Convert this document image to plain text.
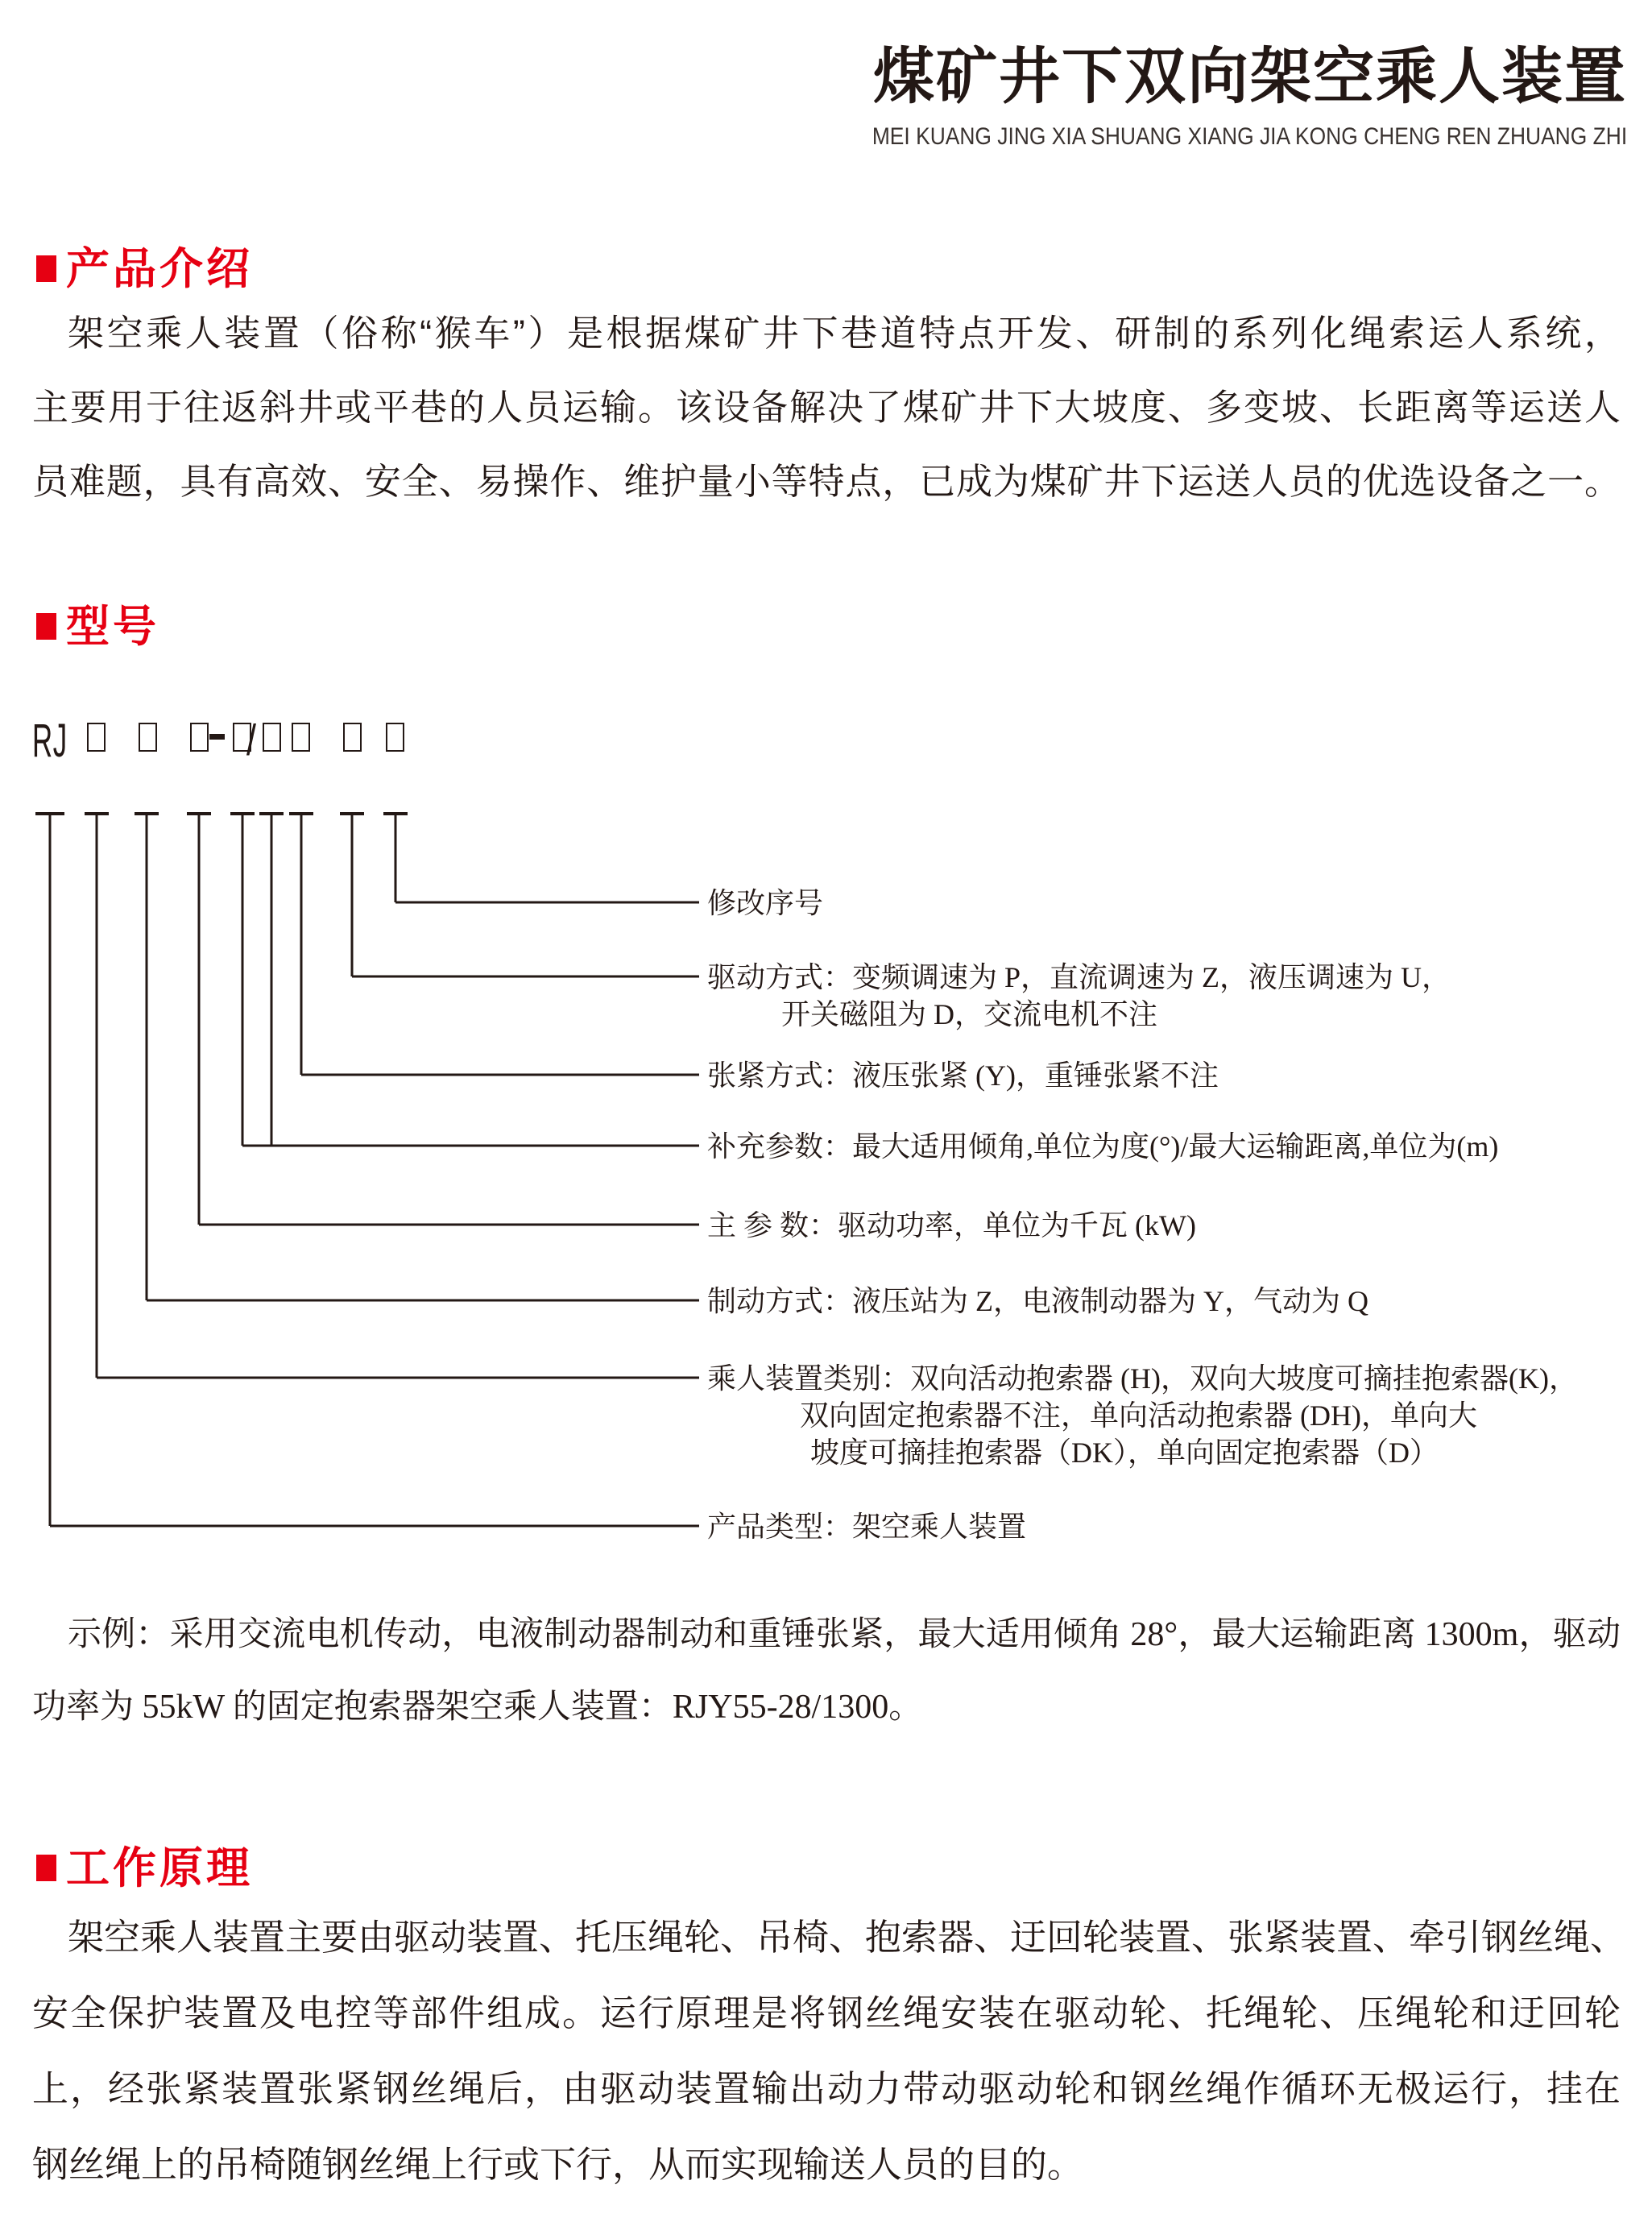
煤矿井下双向架空乘人装置
MEI KUANG JING XIA SHUANG XIANG JIA KONG CHENG REN ZHUANG ZHI
产品介绍
架空乘人装置（俗称“猴车”）是根据煤矿井下巷道特点开发、研制的系列化绳索运人系统，
主要用于往返斜井或平巷的人员运输。该设备解决了煤矿井下大坡度、多变坡、长距离等运送人
员难题，具有高效、安全、易操作、维护量小等特点，已成为煤矿井下运送人员的优选设备之一。
型号
RJ	/
修改序号
驱动方式：变频调速为 P，直流调速为 Z，液压调速为 U，
开关磁阻为 D，交流电机不注
张紧方式：液压张紧 (Y)，重锤张紧不注
补充参数：最大适用倾角,单位为度(°)/最大运输距离,单位为(m)
主 参 数：驱动功率，单位为千瓦 (kW)
制动方式：液压站为 Z，电液制动器为 Y，气动为 Q
乘人装置类别：双向活动抱索器 (H)，双向大坡度可摘挂抱索器(K)，
双向固定抱索器不注，单向活动抱索器 (DH)，单向大
坡度可摘挂抱索器（DK），单向固定抱索器（D）
产品类型：架空乘人装置
示例：采用交流电机传动，电液制动器制动和重锤张紧，最大适用倾角 28°，最大运输距离 1300m，驱动
功率为 55kW 的固定抱索器架空乘人装置：RJY55-28/1300。
工作原理
架空乘人装置主要由驱动装置、托压绳轮、吊椅、抱索器、迂回轮装置、张紧装置、牵引钢丝绳、
安全保护装置及电控等部件组成。运行原理是将钢丝绳安装在驱动轮、托绳轮、压绳轮和迂回轮
上，经张紧装置张紧钢丝绳后，由驱动装置输出动力带动驱动轮和钢丝绳作循环无极运行，挂在
钢丝绳上的吊椅随钢丝绳上行或下行，从而实现输送人员的目的。
